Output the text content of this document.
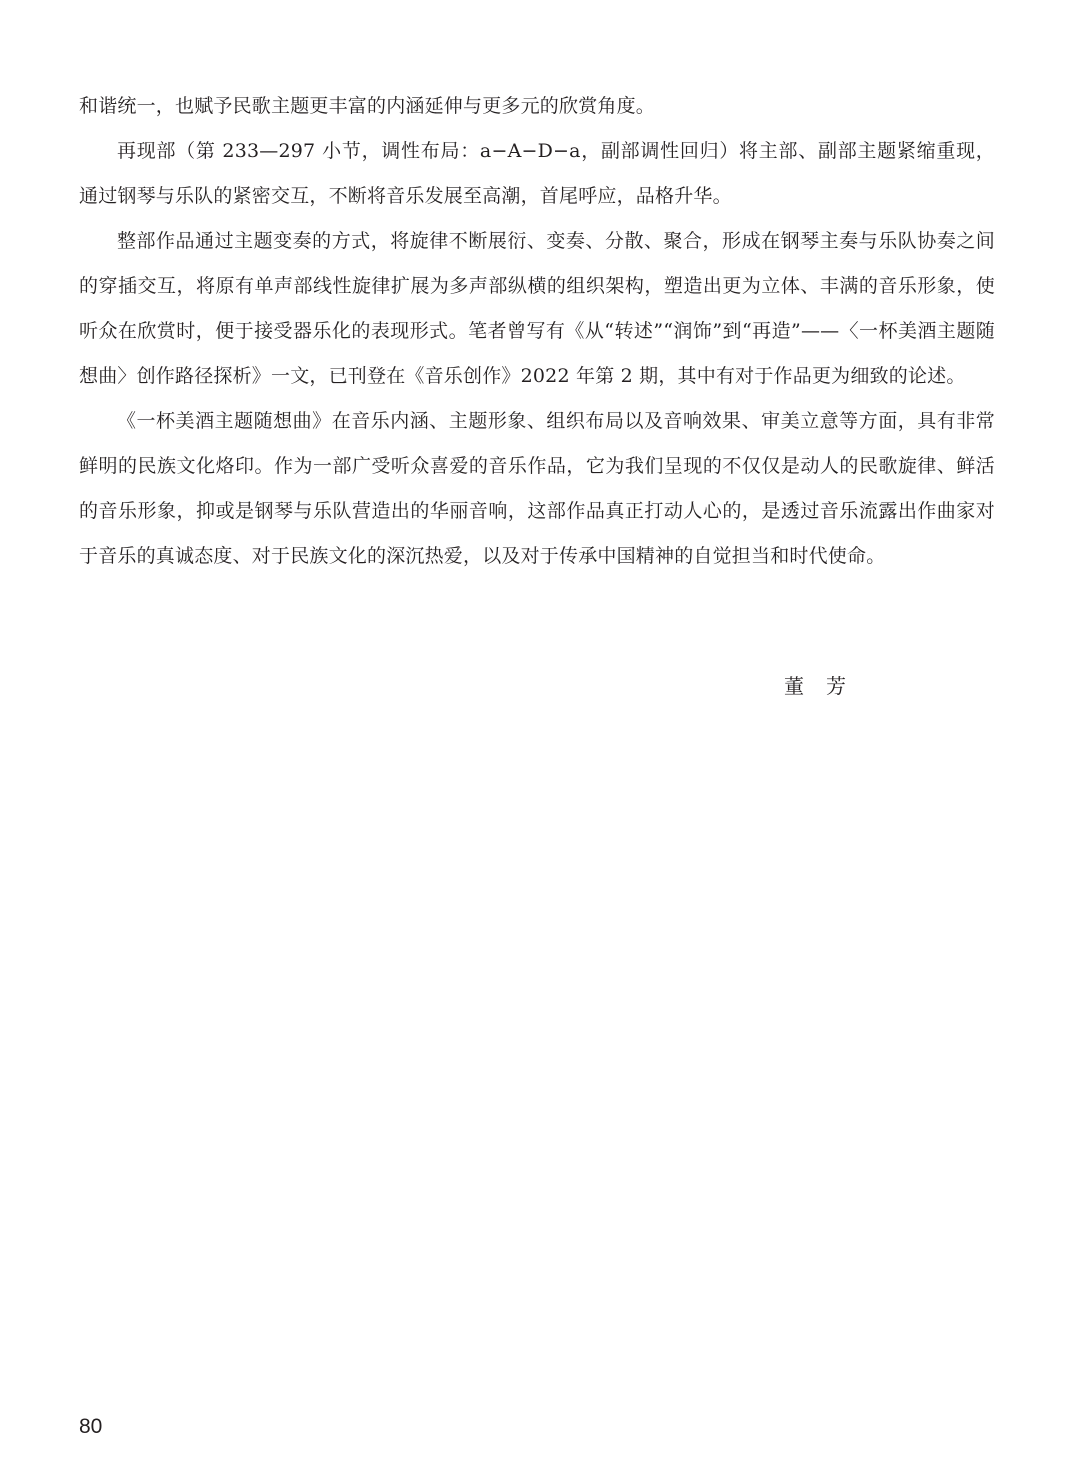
和谐统一，也赋予民歌主题更丰富的内涵延伸与更多元的欣赏角度。

再现部（第 233—297 小节，调性布局：a−A−D−a，副部调性回归）将主部、副部主题紧缩重现，通过钢琴与乐队的紧密交互，不断将音乐发展至高潮，首尾呼应，品格升华。

整部作品通过主题变奏的方式，将旋律不断展衍、变奏、分散、聚合，形成在钢琴主奏与乐队协奏之间的穿插交互，将原有单声部线性旋律扩展为多声部纵横的组织架构，塑造出更为立体、丰满的音乐形象，使听众在欣赏时，便于接受器乐化的表现形式。笔者曾写有《从“转述”“润饰”到“再造”——〈一杯美酒主题随想曲〉创作路径探析》一文，已刊登在《音乐创作》2022 年第 2 期，其中有对于作品更为细致的论述。

《一杯美酒主题随想曲》在音乐内涵、主题形象、组织布局以及音响效果、审美立意等方面，具有非常鲜明的民族文化烙印。作为一部广受听众喜爱的音乐作品，它为我们呈现的不仅仅是动人的民歌旋律、鲜活的音乐形象，抑或是钢琴与乐队营造出的华丽音响，这部作品真正打动人心的，是透过音乐流露出作曲家对于音乐的真诚态度、对于民族文化的深沉热爱，以及对于传承中国精神的自觉担当和时代使命。

董芳
80
